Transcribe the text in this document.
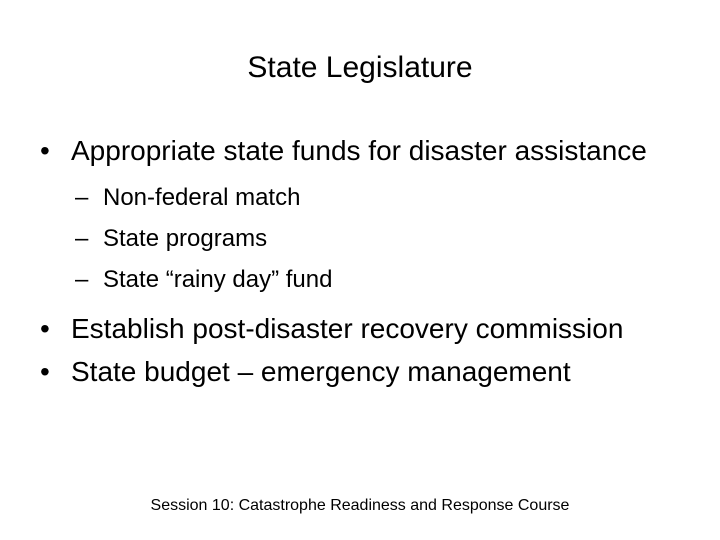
State Legislature
• Appropriate state funds for disaster assistance
– Non-federal match
– State programs
– State “rainy day” fund
• Establish post-disaster recovery commission
• State budget – emergency management
Session 10: Catastrophe Readiness and Response Course
